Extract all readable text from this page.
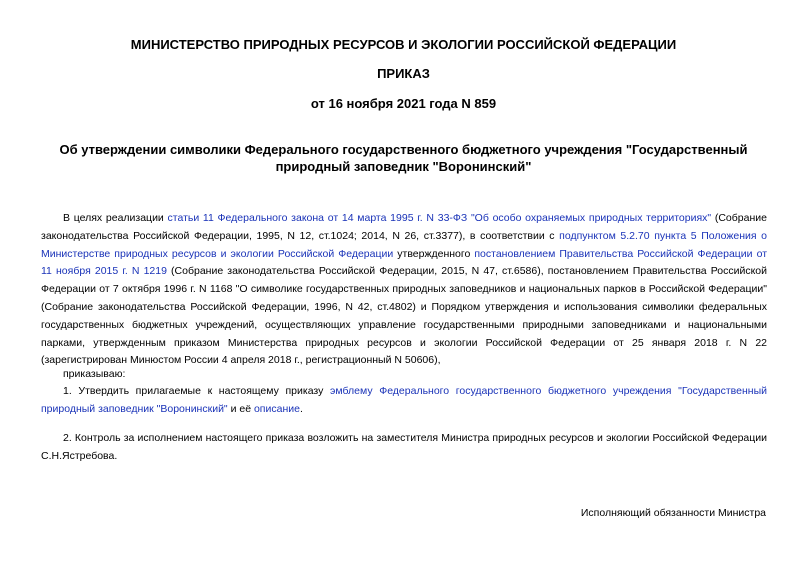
МИНИСТЕРСТВО ПРИРОДНЫХ РЕСУРСОВ И ЭКОЛОГИИ РОССИЙСКОЙ ФЕДЕРАЦИИ

ПРИКАЗ

от 16 ноября 2021 года N 859

Об утверждении символики Федерального государственного бюджетного учреждения "Государственный природный заповедник "Воронинский"

В целях реализации статьи 11 Федерального закона от 14 марта 1995 г. N 33-ФЗ "Об особо охраняемых природных территориях" (Собрание законодательства Российской Федерации, 1995, N 12, ст.1024; 2014, N 26, ст.3377), в соответствии с подпунктом 5.2.70 пункта 5 Положения о Министерстве природных ресурсов и экологии Российской Федерации утвержденного постановлением Правительства Российской Федерации от 11 ноября 2015 г. N 1219 (Собрание законодательства Российской Федерации, 2015, N 47, ст.6586), постановлением Правительства Российской Федерации от 7 октября 1996 г. N 1168 "О символике государственных природных заповедников и национальных парков в Российской Федерации" (Собрание законодательства Российской Федерации, 1996, N 42, ст.4802) и Порядком утверждения и использования символики федеральных государственных бюджетных учреждений, осуществляющих управление государственными природными заповедниками и национальными парками, утвержденным приказом Министерства природных ресурсов и экологии Российской Федерации от 25 января 2018 г. N 22 (зарегистрирован Минюстом России 4 апреля 2018 г., регистрационный N 50606),

приказываю:

1. Утвердить прилагаемые к настоящему приказу эмблему Федерального государственного бюджетного учреждения "Государственный природный заповедник "Воронинский" и её описание.

2. Контроль за исполнением настоящего приказа возложить на заместителя Министра природных ресурсов и экологии Российской Федерации С.Н.Ястребова.

Исполняющий обязанности Министра
